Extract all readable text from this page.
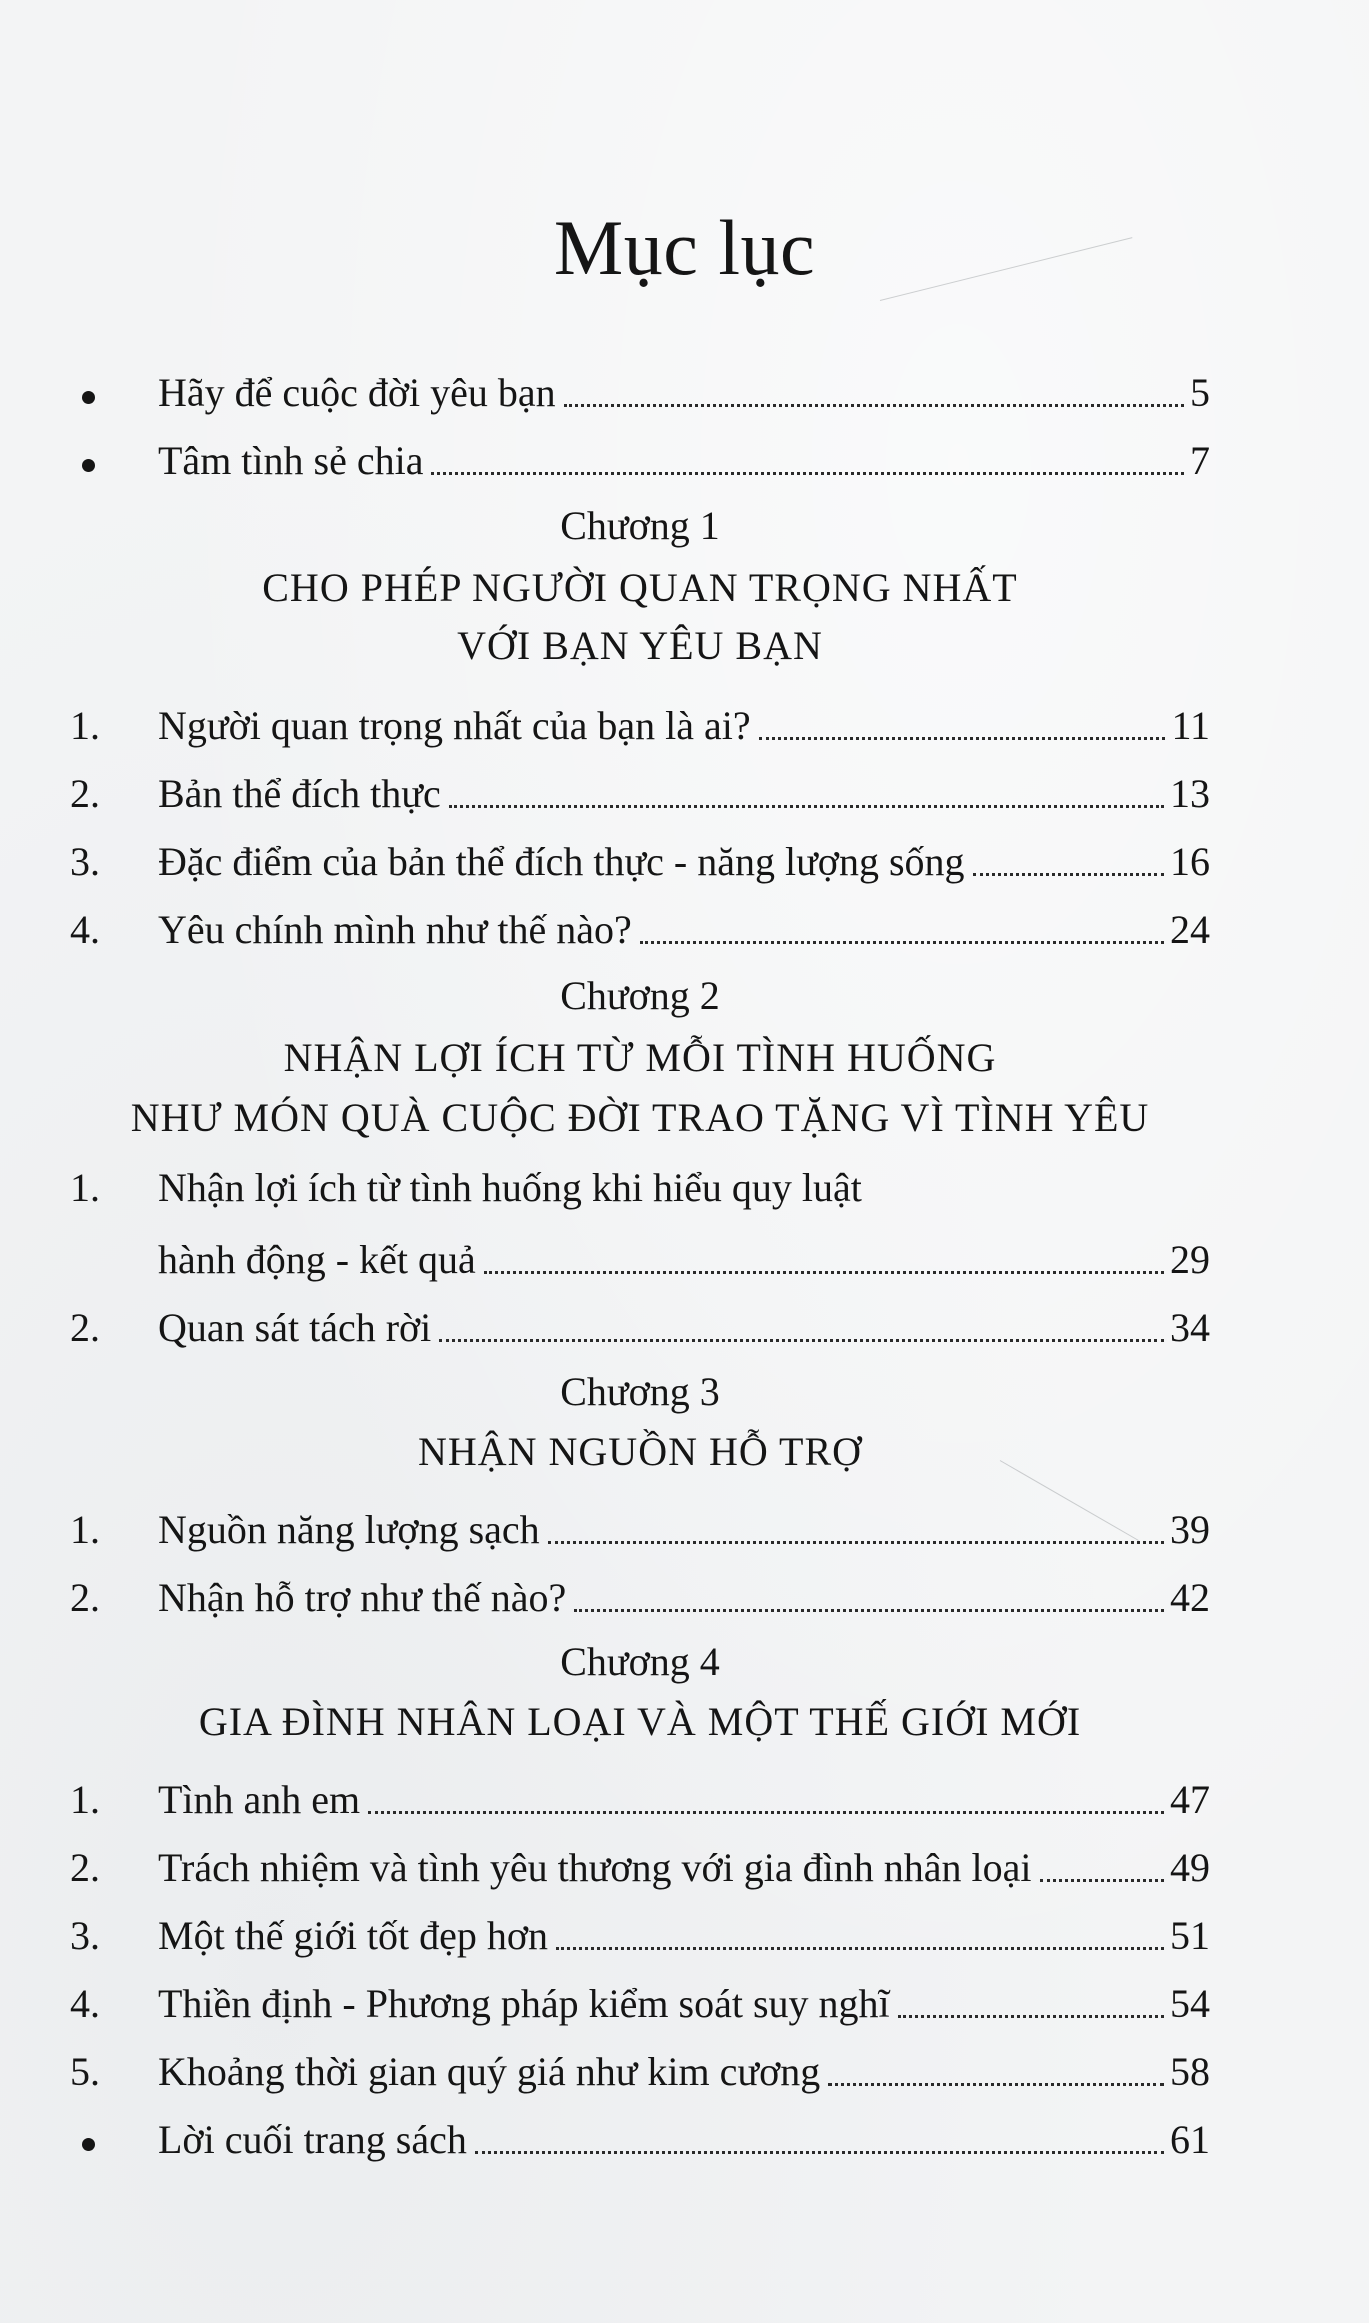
Mục lục
Hãy để cuộc đời yêu bạn	5
Tâm tình sẻ chia	7
Chương 1
CHO PHÉP NGƯỜI QUAN TRỌNG NHẤT
VỚI BẠN YÊU BẠN
1.	Người quan trọng nhất của bạn là ai?	11
2.	Bản thể đích thực	13
3.	Đặc điểm của bản thể đích thực - năng lượng sống	16
4.	Yêu chính mình như thế nào?	24
Chương 2
NHẬN LỢI ÍCH TỪ MỖI TÌNH HUỐNG
NHƯ MÓN QUÀ CUỘC ĐỜI TRAO TẶNG VÌ TÌNH YÊU
1. Nhận lợi ích từ tình huống khi hiểu quy luật
hành động - kết quả	29
2.	Quan sát tách rời	34
Chương 3
NHẬN NGUỒN HỖ TRỢ
1.	Nguồn năng lượng sạch	39
2.	Nhận hỗ trợ như thế nào?	42
Chương 4
GIA ĐÌNH NHÂN LOẠI VÀ MỘT THẾ GIỚI MỚI
1.	Tình anh em	47
2.	Trách nhiệm và tình yêu thương với gia đình nhân loại	49
3.	Một thế giới tốt đẹp hơn	51
4.	Thiền định - Phương pháp kiểm soát suy nghĩ	54
5.	Khoảng thời gian quý giá như kim cương	58
Lời cuối trang sách	61
